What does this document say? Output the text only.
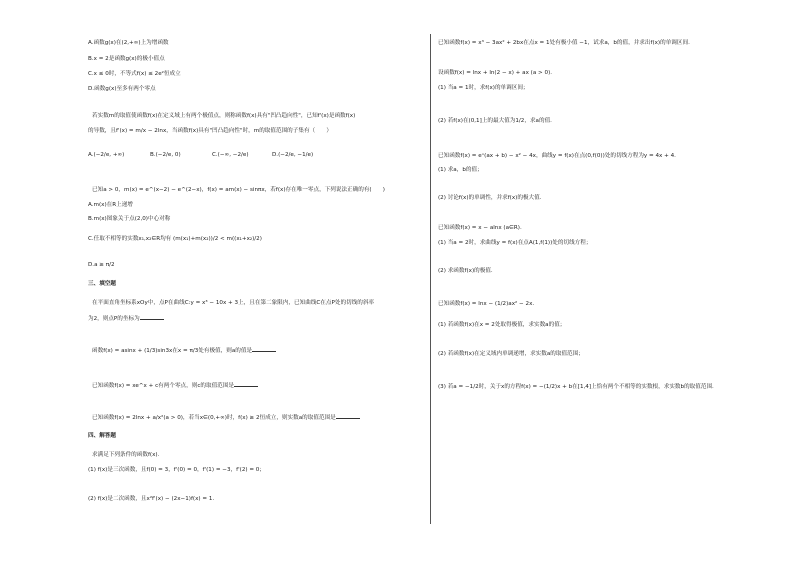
A.函数g(x)在(2,+∞)上为增函数
B.x = 2是函数g(x)的极小值点
C.x ≤ 0时，不等式f(x) ≤ 2e²恒成立
D.函数g(x)至多有两个零点
若实数m的取值使函数f(x)在定义域上有两个极值点，则称函数f(x)具有"凹凸趋向性"，已知f'(x)是函数f(x)
的导数，且f'(x) = m/x − 2lnx，当函数f(x)具有"凹凸趋向性"时，m的取值范围的子集有（　　）
A.(−2/e, +∞)	B.(−2/e, 0)	C.(−∞, −2/e)	D.(−2/e, −1/e)
已知a > 0，m(x) = e^(x−2) − e^(2−x)，f(x) = am(x) − sinπx，若f(x)存在唯一零点，下列说法正确的有(　　)
A.m(x)在R上递增
B.m(x)图象关于点(2,0)中心对称
C.任取不相等的实数x₁,x₂∈R均有 (m(x₁)+m(x₂))/2 < m((x₁+x₂)/2)
D.a ≥ π/2
三、填空题
在平面直角坐标系xOy中，点P在曲线C:y = x³ − 10x + 3上，且在第二象限内，已知曲线C在点P处的切线的斜率
为2，则点P的坐标为
函数f(x) = asinx + (1/3)sin3x在x = π/3处有极值，则a的值是
已知函数f(x) = xe^x + c有两个零点，则c的取值范围是
已知函数f(x) = 2lnx + a/x²(a > 0)，若当x∈(0,+∞)时，f(x) ≥ 2恒成立，则实数a的取值范围是
四、解答题
求满足下列条件的函数f(x).
(1) f(x)是三次函数，且f(0) = 3，f'(0) = 0，f'(1) = −3，f'(2) = 0；
(2) f(x)是二次函数，且x²f'(x) − (2x−1)f(x) = 1.
已知函数f(x) = x³ − 3ax² + 2bx在点x = 1处有极小值 −1，试求a，b的值，并求出f(x)的单调区间.
设函数f(x) = lnx + ln(2 − x) + ax (a > 0).
(1) 当a = 1时，求f(x)的单调区间；
(2) 若f(x)在(0,1]上的最大值为1/2，求a的值.
已知函数f(x) = eˣ(ax + b) − x² − 4x，曲线y = f(x)在点(0,f(0))处的切线方程为y = 4x + 4.
(1) 求a，b的值；
(2) 讨论f(x)的单调性，并求f(x)的极大值.
已知函数f(x) = x − alnx (a∈R).
(1) 当a = 2时，求曲线y = f(x)在点A(1,f(1))处的切线方程；
(2) 求函数f(x)的极值.
已知函数f(x) = lnx − (1/2)ax² − 2x.
(1) 若函数f(x)在x = 2处取得极值，求实数a的值；
(2) 若函数f(x)在定义域内单调递增，求实数a的取值范围；
(3) 若a = −1/2时，关于x的方程f(x) = −(1/2)x + b在[1,4]上恰有两个不相等的实数根，求实数b的取值范围.
